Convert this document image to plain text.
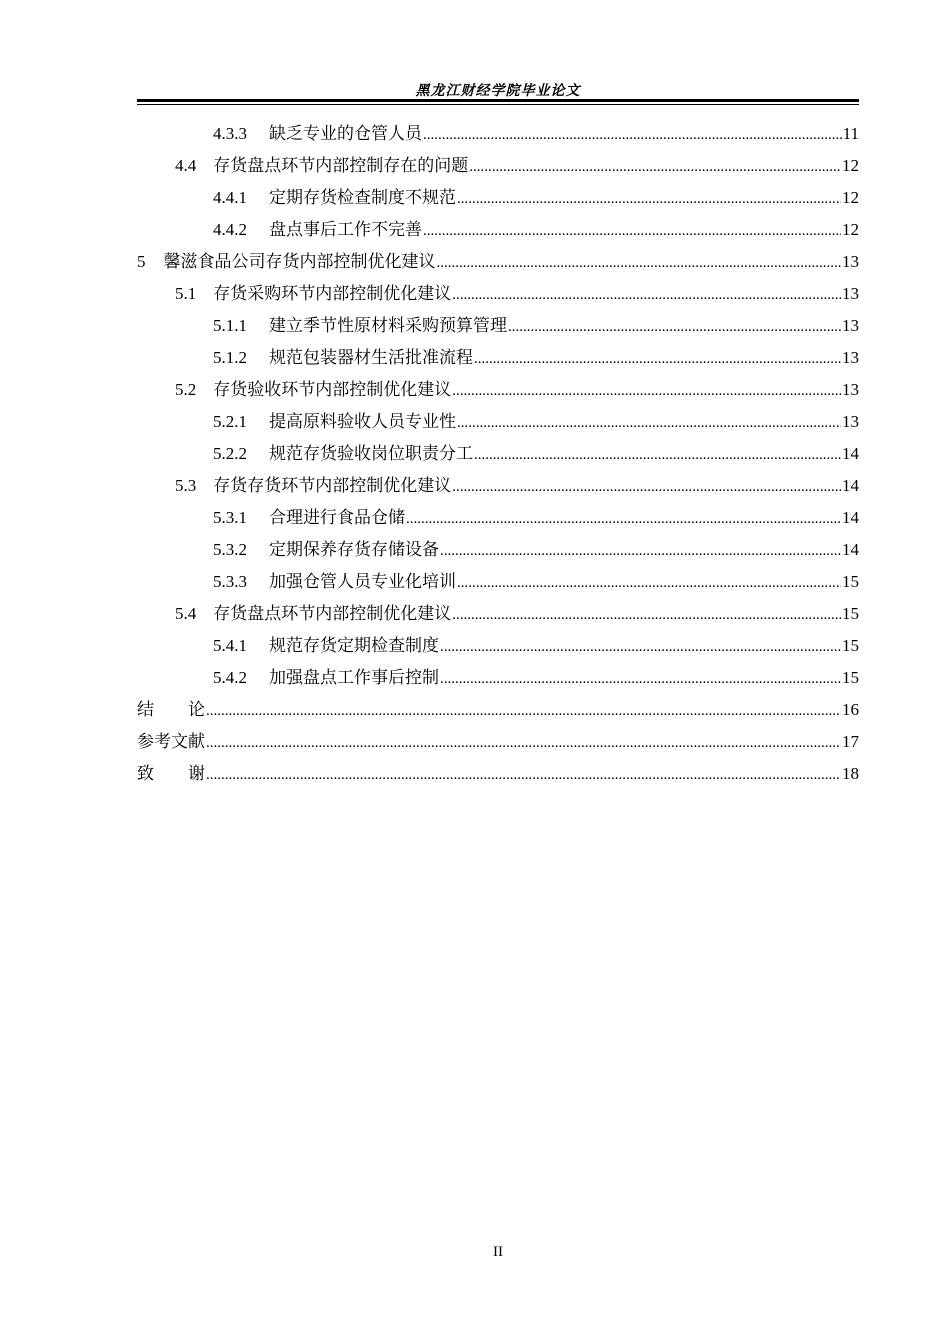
黑龙江财经学院毕业论文
4.3.3 缺乏专业的仓管人员 .....	11
4.4 存货盘点环节内部控制存在的问题 .....	12
4.4.1 定期存货检查制度不规范 .....	12
4.4.2 盘点事后工作不完善 .....	12
5 馨滋食品公司存货内部控制优化建议 .....	13
5.1 存货采购环节内部控制优化建议 .....	13
5.1.1 建立季节性原材料采购预算管理 .....	13
5.1.2 规范包装器材生活批准流程 .....	13
5.2 存货验收环节内部控制优化建议 .....	13
5.2.1 提高原料验收人员专业性 .....	13
5.2.2 规范存货验收岗位职责分工 .....	14
5.3 存货存货环节内部控制优化建议 .....	14
5.3.1 合理进行食品仓储 .....	14
5.3.2 定期保养存货存储设备 .....	14
5.3.3 加强仓管人员专业化培训 .....	15
5.4 存货盘点环节内部控制优化建议 .....	15
5.4.1 规范存货定期检查制度 .....	15
5.4.2 加强盘点工作事后控制 .....	15
结　　论 .....	16
参考文献 .....	17
致　　谢 .....	18
II
